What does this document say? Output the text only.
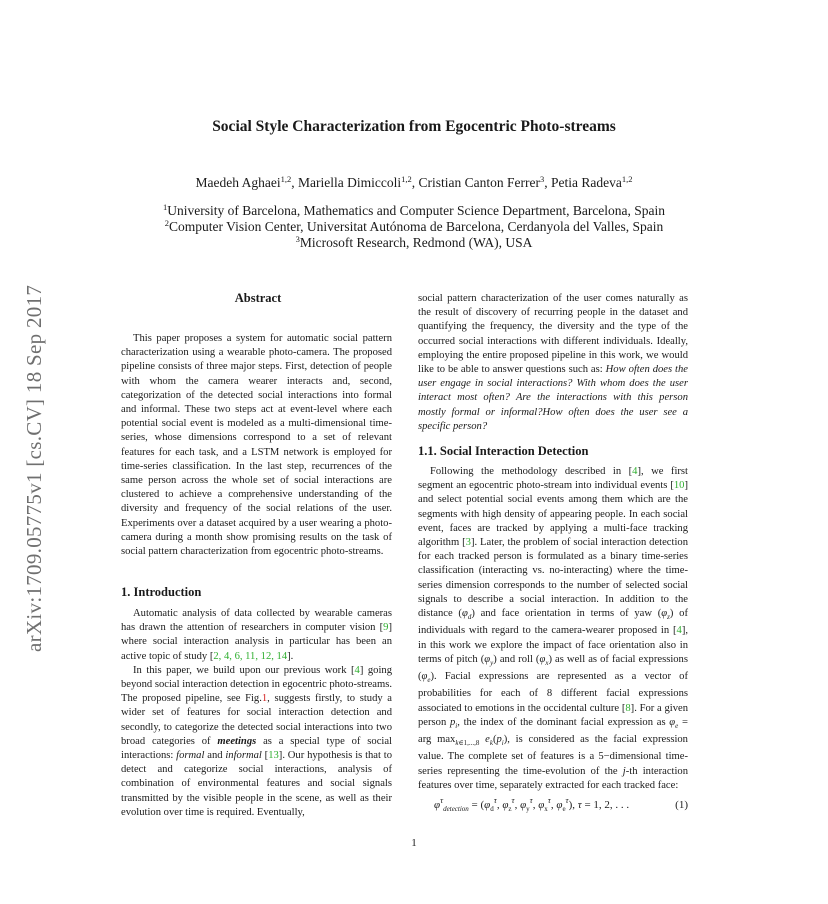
arXiv:1709.05775v1 [cs.CV] 18 Sep 2017
Social Style Characterization from Egocentric Photo-streams
Maedeh Aghaei$^{1,2}$, Mariella Dimiccoli$^{1,2}$, Cristian Canton Ferrer$^3$, Petia Radeva$^{1,2}$
$^1$University of Barcelona, Mathematics and Computer Science Department, Barcelona, Spain
$^2$Computer Vision Center, Universitat Autónoma de Barcelona, Cerdanyola del Valles, Spain
$^3$Microsoft Research, Redmond (WA), USA
Abstract

This paper proposes a system for automatic social pattern characterization using a wearable photo-camera. The proposed pipeline consists of three major steps. First, detection of people with whom the camera wearer interacts and, second, categorization of the detected social interactions into formal and informal. These two steps act at event-level where each potential social event is modeled as a multi-dimensional time-series, whose dimensions correspond to a set of relevant features for each task, and a LSTM network is employed for time-series classification. In the last step, recurrences of the same person across the whole set of social interactions are clustered to achieve a comprehensive understanding of the diversity and frequency of the social relations of the user. Experiments over a dataset acquired by a user wearing a photo-camera during a month show promising results on the task of social pattern characterization from egocentric photo-streams.

1. Introduction

Automatic analysis of data collected by wearable cameras has drawn the attention of researchers in computer vision [9] where social interaction analysis in particular has been an active topic of study [2, 4, 6, 11, 12, 14].

In this paper, we build upon our previous work [4] going beyond social interaction detection in egocentric photo-streams. The proposed pipeline, see Fig.1, suggests firstly, to study a wider set of features for social interaction detection and secondly, to categorize the detected social interactions into two broad categories of meetings as a special type of social interactions: formal and informal [13]. Our hypothesis is that to detect and categorize social interactions, analysis of combination of environmental features and social signals transmitted by the visible people in the scene, as well as their evolution over time is required. Eventually,

social pattern characterization of the user comes naturally as the result of discovery of recurring people in the dataset and quantifying the frequency, the diversity and the type of the occurred social interactions with different individuals. Ideally, employing the entire proposed pipeline in this work, we would like to be able to answer questions such as: How often does the user engage in social interactions? With whom does the user interact most often? Are the interactions with this person mostly formal or informal?How often does the user see a specific person?

1.1. Social Interaction Detection

Following the methodology described in [4], we first segment an egocentric photo-stream into individual events [10] and select potential social events among them which are the segments with high density of appearing people. In each social event, faces are tracked by applying a multi-face tracking algorithm [3]. Later, the problem of social interaction detection for each tracked person is formulated as a binary time-series classification (interacting vs. no-interacting) where the time-series dimension corresponds to the number of selected social signals to describe a social interaction. In addition to the distance $(\varphi_d)$ and face orientation in terms of yaw $(\varphi_z)$ of individuals with regard to the camera-wearer proposed in [4], in this work we explore the impact of face orientation also in terms of pitch $(\varphi_y)$ and roll $(\varphi_x)$ as well as of facial expressions $(\varphi_e)$. Facial expressions are represented as a vector of probabilities for each of 8 different facial expressions associated to emotions in the occidental culture [8]. For a given person $p_i$, the index of the dominant facial expression as $\varphi_e$ = arg $\max_{k\in 1,...,8} e_k(p_i)$, is considered as the facial expression value. The complete set of features is a 5−dimensional time-series representing the time-evolution of the j-th interaction features over time, separately extracted for each tracked face:

$\varphi^\tau_{detection} = (\varphi_d^\tau$, $\varphi_z^\tau$, $\varphi_y^\tau$, $\varphi_x^\tau$, $\varphi_e^\tau$), τ = 1, 2, . . .	(1)
1
